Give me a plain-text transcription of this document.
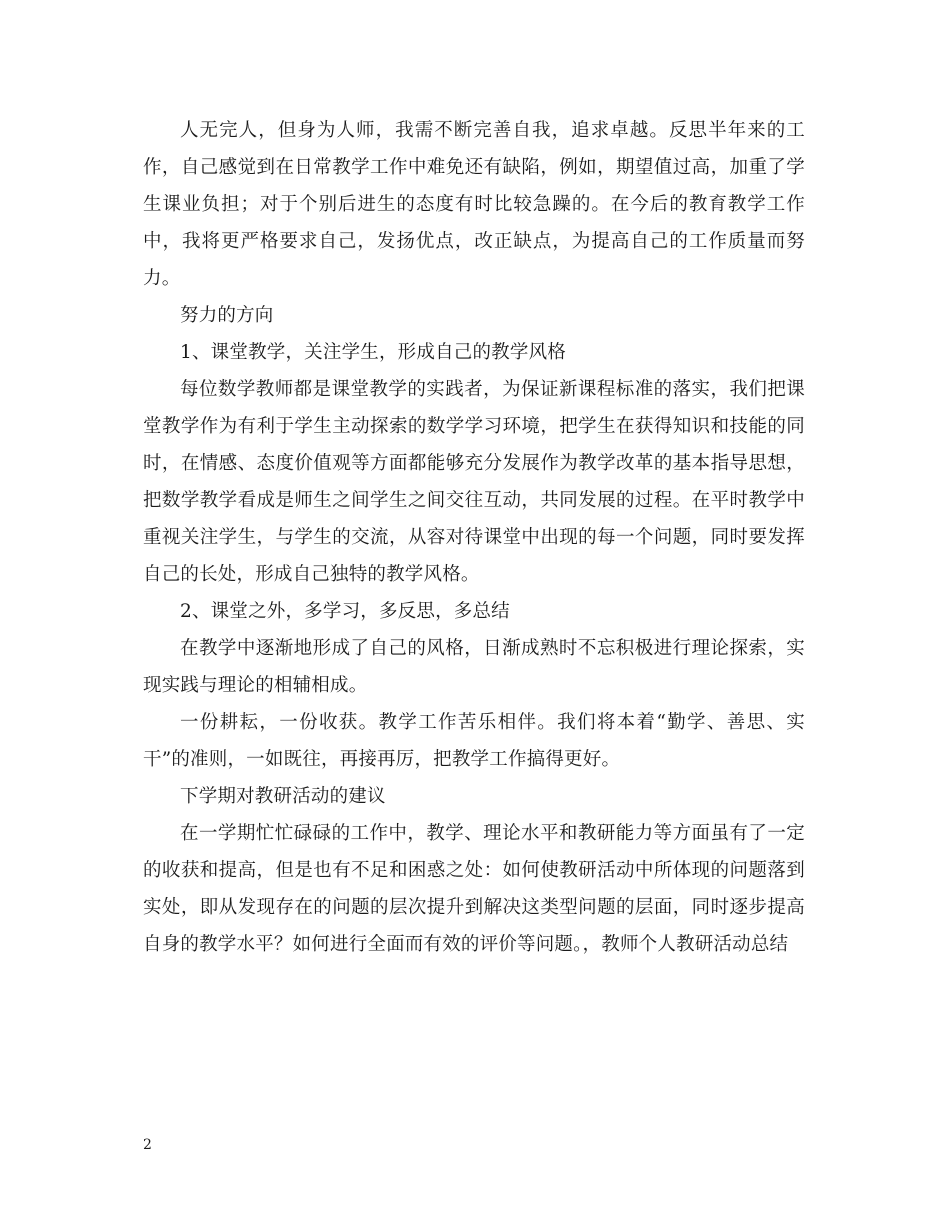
人无完人，但身为人师，我需不断完善自我，追求卓越。反思半年来的工作，自己感觉到在日常教学工作中难免还有缺陷，例如，期望值过高，加重了学生课业负担；对于个别后进生的态度有时比较急躁的。在今后的教育教学工作中，我将更严格要求自己，发扬优点，改正缺点，为提高自己的工作质量而努力。

努力的方向

1、课堂教学，关注学生，形成自己的教学风格

每位数学教师都是课堂教学的实践者，为保证新课程标准的落实，我们把课堂教学作为有利于学生主动探索的数学学习环境，把学生在获得知识和技能的同时，在情感、态度价值观等方面都能够充分发展作为教学改革的基本指导思想，把数学教学看成是师生之间学生之间交往互动，共同发展的过程。在平时教学中重视关注学生，与学生的交流，从容对待课堂中出现的每一个问题，同时要发挥自己的长处，形成自己独特的教学风格。

2、课堂之外，多学习，多反思，多总结

在教学中逐渐地形成了自己的风格，日渐成熟时不忘积极进行理论探索，实现实践与理论的相辅相成。

一份耕耘，一份收获。教学工作苦乐相伴。我们将本着“勤学、善思、实干”的准则，一如既往，再接再厉，把教学工作搞得更好。

下学期对教研活动的建议

在一学期忙忙碌碌的工作中，教学、理论水平和教研能力等方面虽有了一定的收获和提高，但是也有不足和困惑之处：如何使教研活动中所体现的问题落到实处，即从发现存在的问题的层次提升到解决这类型问题的层面，同时逐步提高自身的教学水平？如何进行全面而有效的评价等问题。，教师个人教研活动总结

2
